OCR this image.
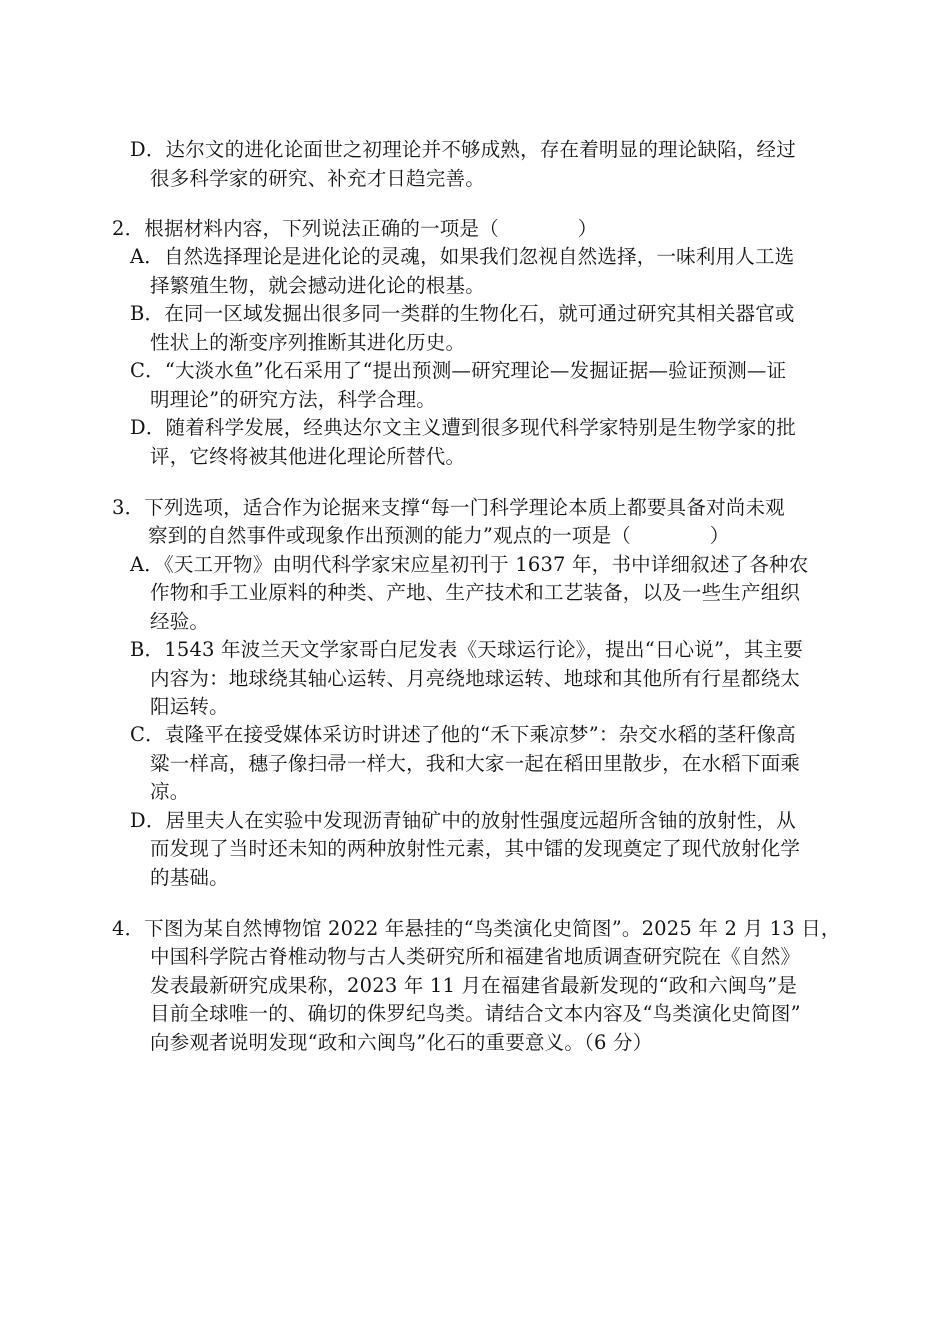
D．达尔文的进化论面世之初理论并不够成熟，存在着明显的理论缺陷，经过
很多科学家的研究、补充才日趋完善。
2．根据材料内容，下列说法正确的一项是（　　　　）
A．自然选择理论是进化论的灵魂，如果我们忽视自然选择，一味利用人工选
择繁殖生物，就会撼动进化论的根基。
B．在同一区域发掘出很多同一类群的生物化石，就可通过研究其相关器官或
性状上的渐变序列推断其进化历史。
C．“大淡水鱼”化石采用了“提出预测—研究理论—发掘证据—验证预测—证
明理论”的研究方法，科学合理。
D．随着科学发展，经典达尔文主义遭到很多现代科学家特别是生物学家的批
评，它终将被其他进化理论所替代。
3．下列选项，适合作为论据来支撑“每一门科学理论本质上都要具备对尚未观
察到的自然事件或现象作出预测的能力”观点的一项是（　　　　）
A．《天工开物》由明代科学家宋应星初刊于 1637 年，书中详细叙述了各种农
作物和手工业原料的种类、产地、生产技术和工艺装备，以及一些生产组织
经验。
B．1543 年波兰天文学家哥白尼发表《天球运行论》，提出“日心说”，其主要
内容为：地球绕其轴心运转、月亮绕地球运转、地球和其他所有行星都绕太
阳运转。
C．袁隆平在接受媒体采访时讲述了他的“禾下乘凉梦”：杂交水稻的茎秆像高
粱一样高，穗子像扫帚一样大，我和大家一起在稻田里散步，在水稻下面乘
凉。
D．居里夫人在实验中发现沥青铀矿中的放射性强度远超所含铀的放射性，从
而发现了当时还未知的两种放射性元素，其中镭的发现奠定了现代放射化学
的基础。
4．下图为某自然博物馆 2022 年悬挂的“鸟类演化史简图”。2025 年 2 月 13 日，
中国科学院古脊椎动物与古人类研究所和福建省地质调查研究院在《自然》
发表最新研究成果称，2023 年 11 月在福建省最新发现的“政和六闽鸟”是
目前全球唯一的、确切的侏罗纪鸟类。请结合文本内容及“鸟类演化史简图”
向参观者说明发现“政和六闽鸟”化石的重要意义。（6 分）
